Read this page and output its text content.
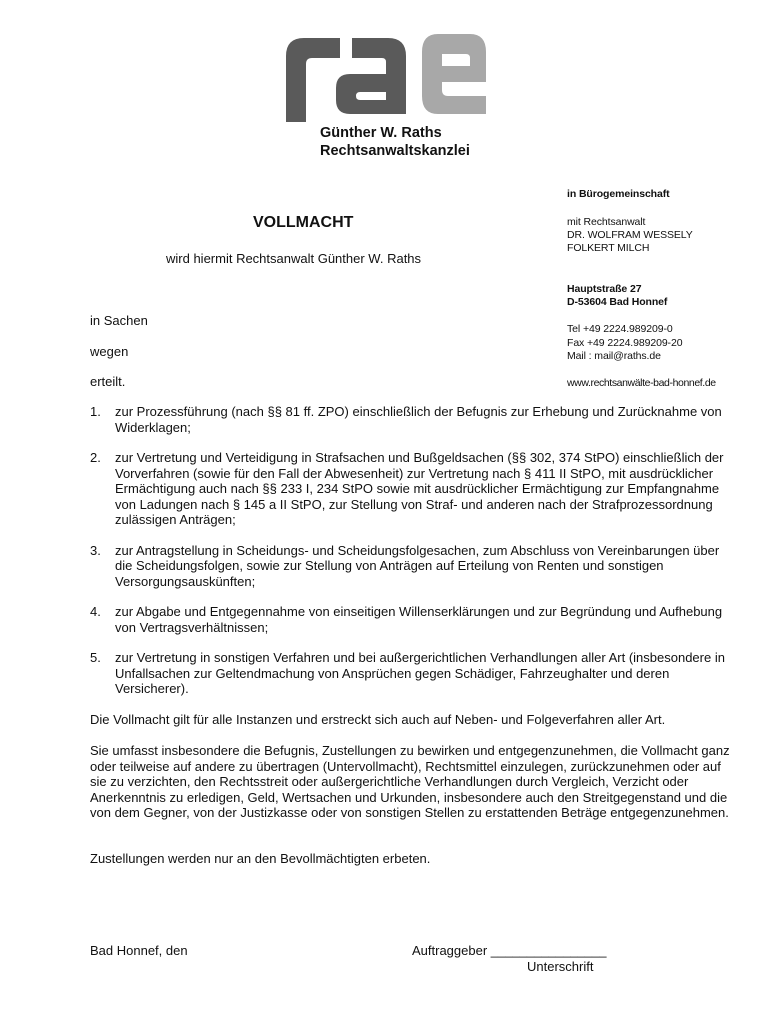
Günther W. Raths
Rechtsanwaltskanzlei
in Bürogemeinschaft
mit Rechtsanwalt
DR. WOLFRAM WESSELY
FOLKERT MILCH
Hauptstraße 27
D-53604 Bad Honnef
Tel +49 2224.989209-0
Fax +49 2224.989209-20
Mail : mail@raths.de
www.rechtsanwälte-bad-honnef.de
VOLLMACHT
wird hiermit Rechtsanwalt Günther W. Raths
in Sachen
wegen
erteilt.
1. zur Prozessführung (nach §§ 81 ff. ZPO) einschließlich der Befugnis zur Erhebung und Zurücknahme von Widerklagen;
2. zur Vertretung und Verteidigung in Strafsachen und Bußgeldsachen (§§ 302, 374 StPO) einschließlich der Vorverfahren (sowie für den Fall der Abwesenheit) zur Vertretung nach § 411 II StPO, mit ausdrücklicher Ermächtigung auch nach §§ 233 I, 234 StPO sowie mit ausdrücklicher Ermächtigung zur Empfangnahme von Ladungen nach § 145 a II StPO, zur Stellung von Straf- und anderen nach der Strafprozessordnung zulässigen Anträgen;
3. zur Antragstellung in Scheidungs- und Scheidungsfolgesachen, zum Abschluss von Vereinbarungen über die Scheidungsfolgen, sowie zur Stellung von Anträgen auf Erteilung von Renten und sonstigen Versorgungsauskünften;
4. zur Abgabe und Entgegennahme von einseitigen Willenserklärungen und zur Begründung und Aufhebung von Vertragsverhältnissen;
5. zur Vertretung in sonstigen Verfahren und bei außergerichtlichen Verhandlungen aller Art (insbesondere in Unfallsachen zur Geltendmachung von Ansprüchen gegen Schädiger, Fahrzeughalter und deren Versicherer).
Die Vollmacht gilt für alle Instanzen und erstreckt sich auch auf Neben- und Folgeverfahren aller Art.
Sie umfasst insbesondere die Befugnis, Zustellungen zu bewirken und entgegenzunehmen, die Vollmacht ganz oder teilweise auf andere zu übertragen (Untervollmacht), Rechtsmittel einzulegen, zurückzunehmen oder auf sie zu verzichten, den Rechtsstreit oder außergerichtliche Verhandlungen durch Vergleich, Verzicht oder Anerkenntnis zu erledigen, Geld, Wertsachen und Urkunden, insbesondere auch den Streitgegenstand und die von dem Gegner, von der Justizkasse oder von sonstigen Stellen zu erstattenden Beträge entgegenzunehmen.
Zustellungen werden nur an den Bevollmächtigten erbeten.
Bad Honnef, den	Auftraggeber ________________
Unterschrift
